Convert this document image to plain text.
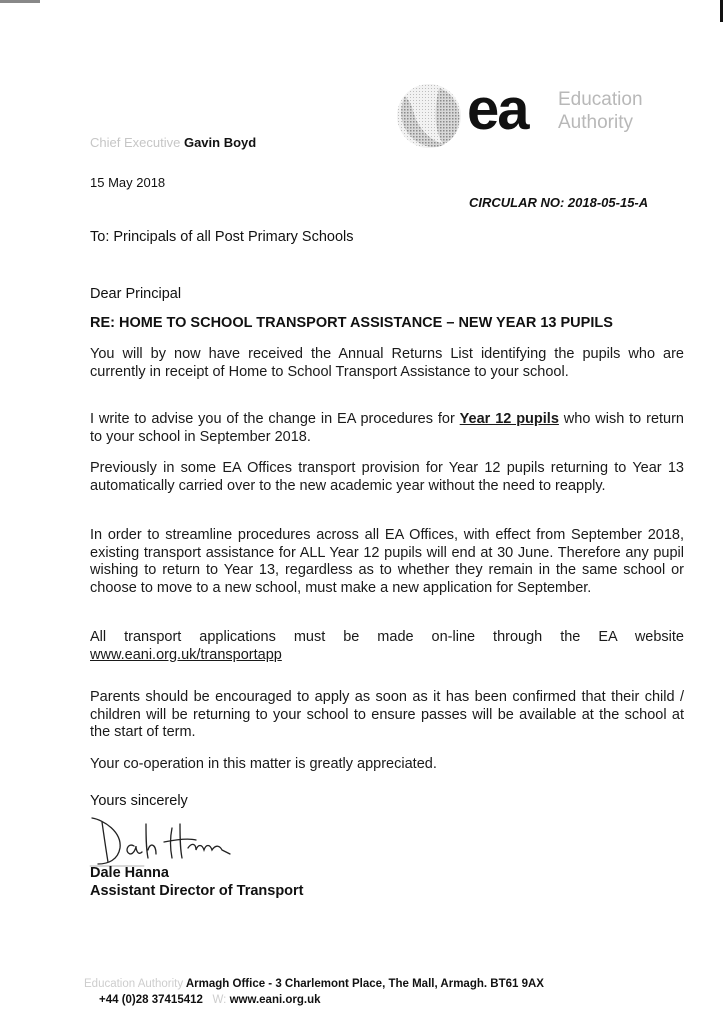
ea Education
Authority
Chief Executive Gavin Boyd
15 May 2018
CIRCULAR NO: 2018-05-15-A
To: Principals of all Post Primary Schools
Dear Principal
RE: HOME TO SCHOOL TRANSPORT ASSISTANCE – NEW YEAR 13 PUPILS
You will by now have received the Annual Returns List identifying the pupils who are currently in receipt of Home to School Transport Assistance to your school.
I write to advise you of the change in EA procedures for Year 12 pupils who wish to return to your school in September 2018.
Previously in some EA Offices transport provision for Year 12 pupils returning to Year 13 automatically carried over to the new academic year without the need to reapply.
In order to streamline procedures across all EA Offices, with effect from September 2018, existing transport assistance for ALL Year 12 pupils will end at 30 June. Therefore any pupil wishing to return to Year 13, regardless as to whether they remain in the same school or choose to move to a new school, must make a new application for September.
All transport applications must be made on-line through the EA website www.eani.org.uk/transportapp
Parents should be encouraged to apply as soon as it has been confirmed that their child / children will be returning to your school to ensure passes will be available at the school at the start of term.
Your co-operation in this matter is greatly appreciated.
Yours sincerely
Dale Hanna
Assistant Director of Transport
Education Authority Armagh Office - 3 Charlemont Place, The Mall, Armagh. BT61 9AX
+44 (0)28 37415412 W: www.eani.org.uk
